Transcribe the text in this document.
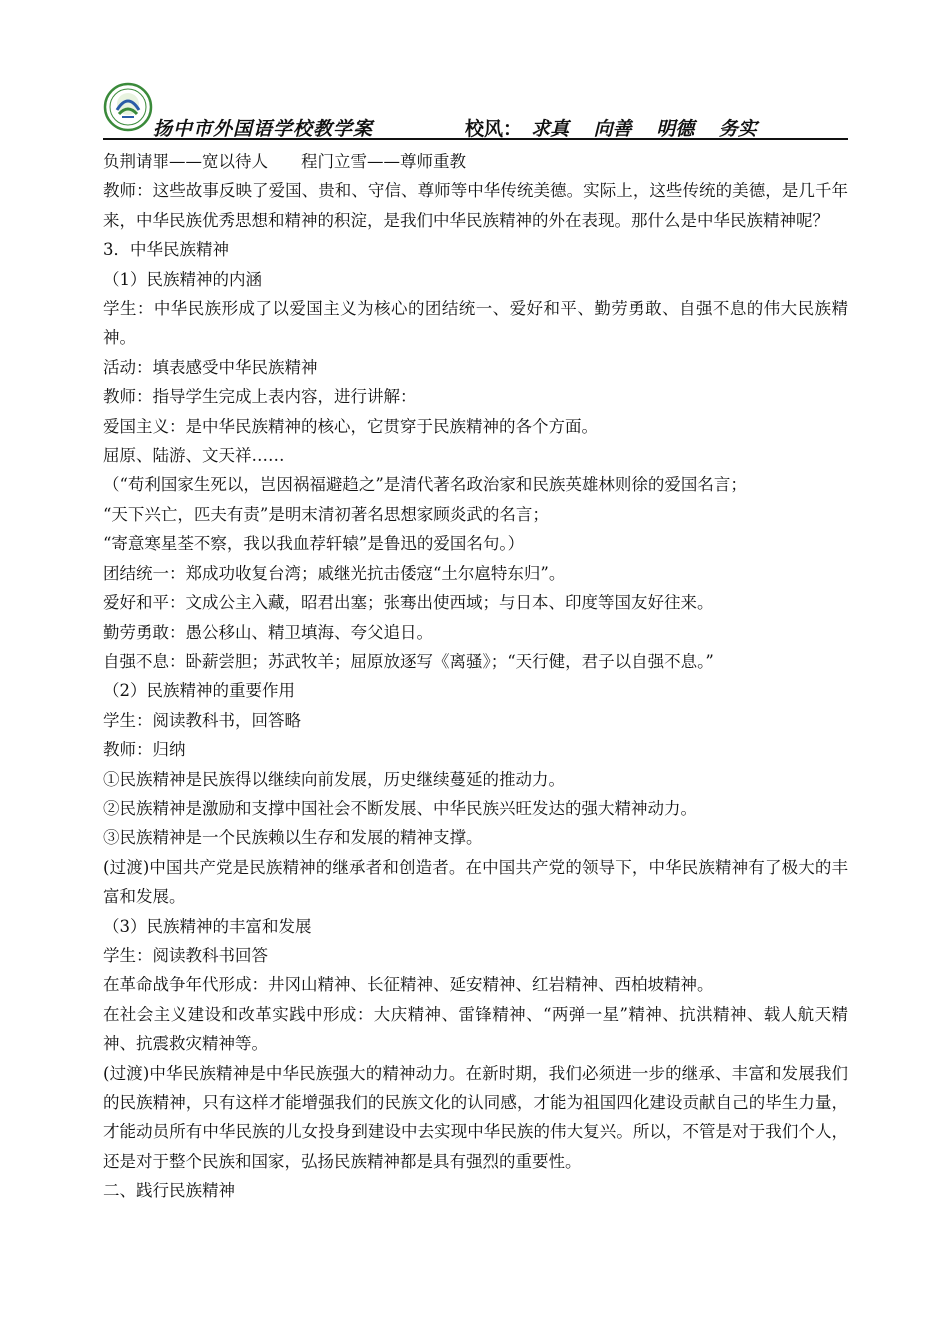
扬中市外国语学校教学案	校风： 求真 向善 明德 务实

负荆请罪——宽以待人　　程门立雪——尊师重教

教师：这些故事反映了爱国、贵和、守信、尊师等中华传统美德。实际上，这些传统的美德，是几千年来，中华民族优秀思想和精神的积淀，是我们中华民族精神的外在表现。那什么是中华民族精神呢？

3．中华民族精神

（1）民族精神的内涵

学生：中华民族形成了以爱国主义为核心的团结统一、爱好和平、勤劳勇敢、自强不息的伟大民族精神。

活动：填表感受中华民族精神

教师：指导学生完成上表内容，进行讲解：

爱国主义：是中华民族精神的核心，它贯穿于民族精神的各个方面。

屈原、陆游、文天祥……

（“苟利国家生死以，岂因祸福避趋之”是清代著名政治家和民族英雄林则徐的爱国名言；

“天下兴亡，匹夫有责”是明末清初著名思想家顾炎武的名言；

“寄意寒星荃不察，我以我血荐轩辕”是鲁迅的爱国名句。）

团结统一：郑成功收复台湾；戚继光抗击倭寇“土尔扈特东归”。

爱好和平：文成公主入藏，昭君出塞；张骞出使西域；与日本、印度等国友好往来。

勤劳勇敢：愚公移山、精卫填海、夸父追日。

自强不息：卧薪尝胆；苏武牧羊；屈原放逐写《离骚》；“天行健，君子以自强不息。”

（2）民族精神的重要作用

学生：阅读教科书，回答略

教师：归纳

①民族精神是民族得以继续向前发展，历史继续蔓延的推动力。

②民族精神是激励和支撑中国社会不断发展、中华民族兴旺发达的强大精神动力。

③民族精神是一个民族赖以生存和发展的精神支撑。

(过渡)中国共产党是民族精神的继承者和创造者。在中国共产党的领导下，中华民族精神有了极大的丰富和发展。

（3）民族精神的丰富和发展

学生：阅读教科书回答

在革命战争年代形成：井冈山精神、长征精神、延安精神、红岩精神、西柏坡精神。

在社会主义建设和改革实践中形成：大庆精神、雷锋精神、“两弹一星”精神、抗洪精神、载人航天精神、抗震救灾精神等。

(过渡)中华民族精神是中华民族强大的精神动力。在新时期，我们必须进一步的继承、丰富和发展我们的民族精神，只有这样才能增强我们的民族文化的认同感，才能为祖国四化建设贡献自己的毕生力量，才能动员所有中华民族的儿女投身到建设中去实现中华民族的伟大复兴。所以，不管是对于我们个人，还是对于整个民族和国家，弘扬民族精神都是具有强烈的重要性。

二、践行民族精神
